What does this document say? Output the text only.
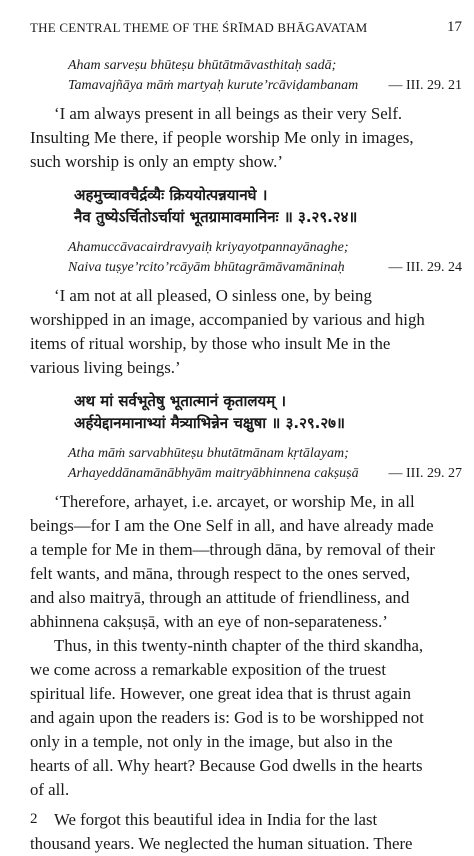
THE CENTRAL THEME OF THE ŚRĪMAD BHĀGAVATAM	17
Aham sarveṣu bhūteṣu bhūtātmāvasthitaḥ sadā;
Tamavajñāya māṁ martyaḥ kurute’rcāviḍambanam — III. 29. 21
‘I am always present in all beings as their very Self.
Insulting Me there, if people worship Me only in images,
such worship is only an empty show.’
अहमुच्चावचैर्द्रव्यैः क्रिययोत्पन्नयानघे ।
नैव तुष्येऽर्चितोऽर्चायां भूतग्रामावमानिनः ॥ ३.२९.२४॥
Ahamuccāvacairdravyaiḥ kriyayotpannayānaghe;
Naiva tuṣye’rcito’rcāyām bhūtagrāmāvamāninaḥ	— III. 29. 24
‘I am not at all pleased, O sinless one, by being
worshipped in an image, accompanied by various and high
items of ritual worship, by those who insult Me in the
various living beings.’
अथ मां सर्वभूतेषु भूतात्मानं कृतालयम् ।
अर्हयेद्दानमानाभ्यां मैत्र्याभिन्नेन चक्षुषा ॥ ३.२९.२७॥
Atha māṁ sarvabhūteṣu bhutātmānam kṛtālayam;
Arhayeddānamānābhyām maitryābhinnena cakṣuṣā — III. 29. 27
‘Therefore, arhayet, i.e. arcayet, or worship Me, in all
beings—for I am the One Self in all, and have already made
a temple for Me in them—through dāna, by removal of their
felt wants, and māna, through respect to the ones served,
and also maitryā, through an attitude of friendliness, and
abhinnena cakṣuṣā, with an eye of non-separateness.’
Thus, in this twenty-ninth chapter of the third skandha,
we come across a remarkable exposition of the truest
spiritual life. However, one great idea that is thrust again
and again upon the readers is: God is to be worshipped not
only in a temple, not only in the image, but also in the
hearts of all. Why heart? Because God dwells in the hearts
of all.
We forgot this beautiful idea in India for the last
thousand years. We neglected the human situation. There
2
